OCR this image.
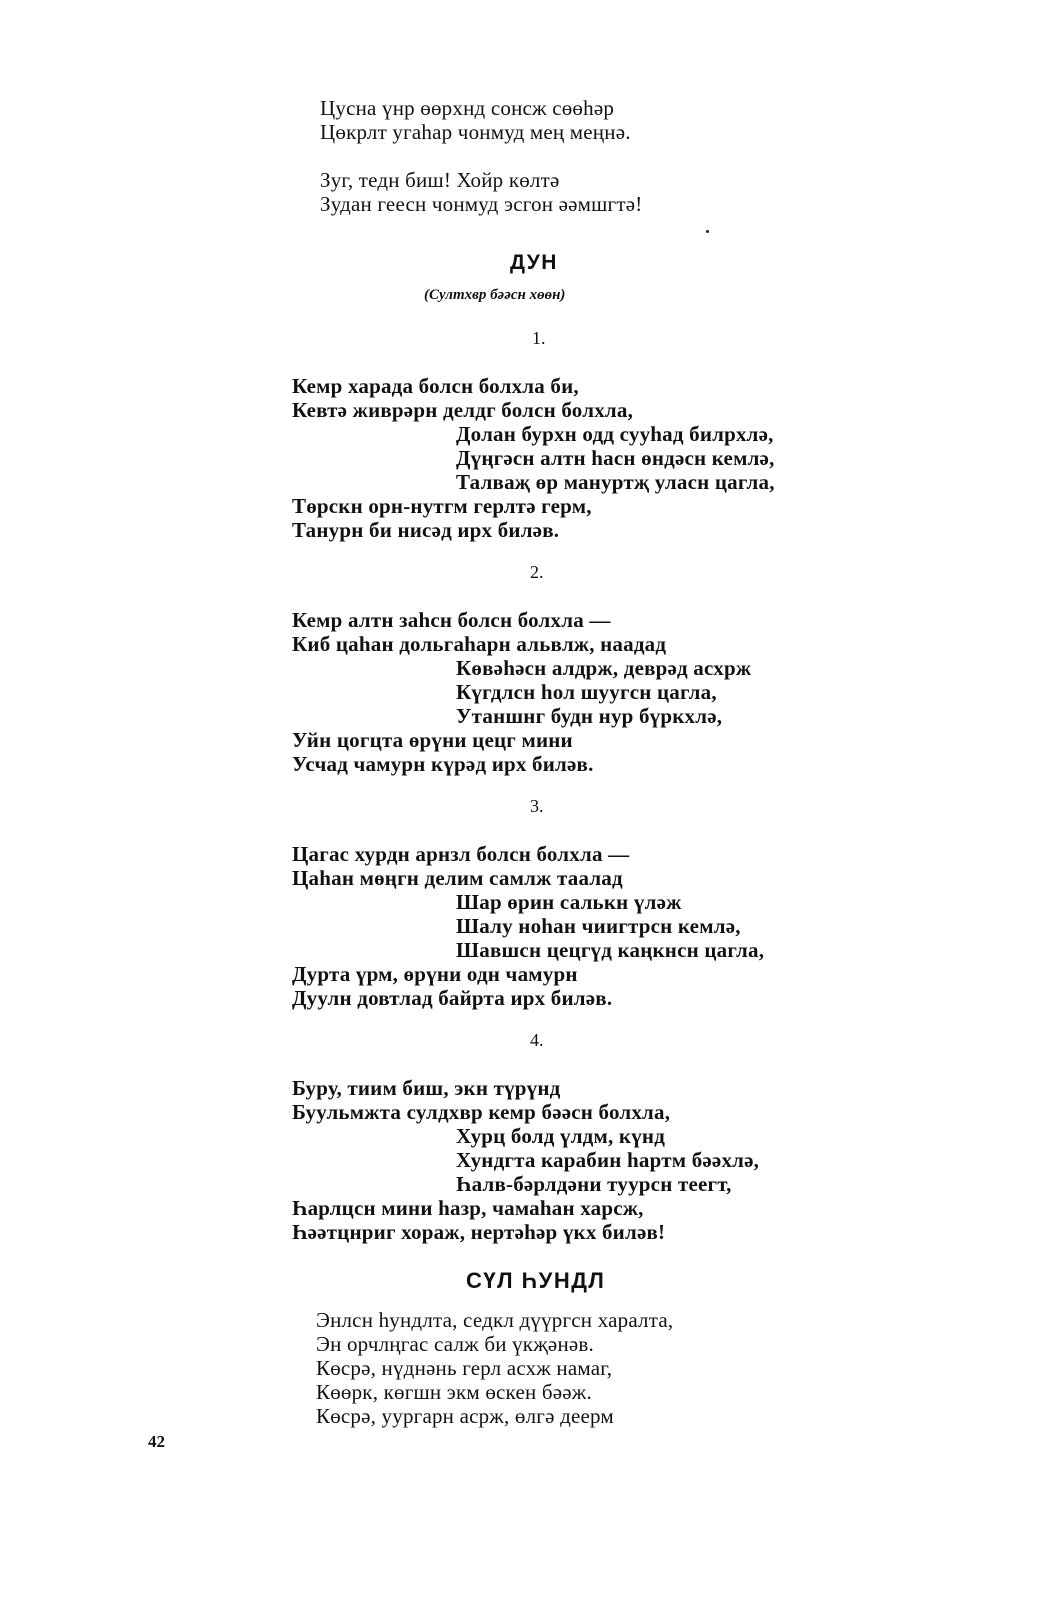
Цусна үнр өөрхнд сонсж сөөһәр
Цөкрлт угаһар чонмуд мең меңнә.
Зуг, тедн биш! Хойр көлтә
Зудан геесн чонмуд эсгон әәмшгтә!
ДУН
(Султхвр бәәсн хөөн)
1.
Кемр харада болсн болхла би,
Кевтә живрәрн делдг болсн болхла,
Долан бурхн одд сууһад билрхлә,
Дүңгәсн алтн һасн өндәсн кемлә,
Талваҗ өр мануртҗ уласн цагла,
Төрскн орн-нутгм герлтә герм,
Танурн би нисәд ирх билəв.
2.
Кемр алтн заһсн болсн болхла —
Киб цаһан дольгаһарн альвлж, наадад
Көвәһәсн алдрж, деврәд асхрж
Күгдлсн һол шуугсн цагла,
Утаншнг будн нур бүркхлә,
Уйн цогцта өрүни цецг мини
Усчад чамурн күрәд ирх билəв.
3.
Цагас хурдн арнзл болсн болхла —
Цаһан мөңгн делим самлж таалад
Шар өрин салькн үләж
Шалу ноһан чиигтрсн кемлә,
Шавшсн цецгүд каңкнсн цагла,
Дурта үрм, өрүни одн чамурн
Дуулн довтлад байрта ирх билəв.
4.
Буру, тиим биш, экн түрүнд
Буульмжта сулдхвр кемр бәәсн болхла,
Хурц болд үлдм, күнд
Хундгта карабин һартм бәәхлә,
Һалв-бәрлдәни туурсн теегт,
Һарлцсн мини һазр, чамаһан харсж,
Һәәтцнриг хораж, нертәһәр үкх билəв!
СҮЛ ҺУНДЛ
Энлсн һундлта, седкл дүүргсн харалта,
Эн орчлңгас салж би үкҗәнәв.
Көсрә, нүднәнь герл асхж намаг,
Көөрк, көгшн экм өскен бәәж.
Көсрә, уургарн асрж, өлгә деерм
42
